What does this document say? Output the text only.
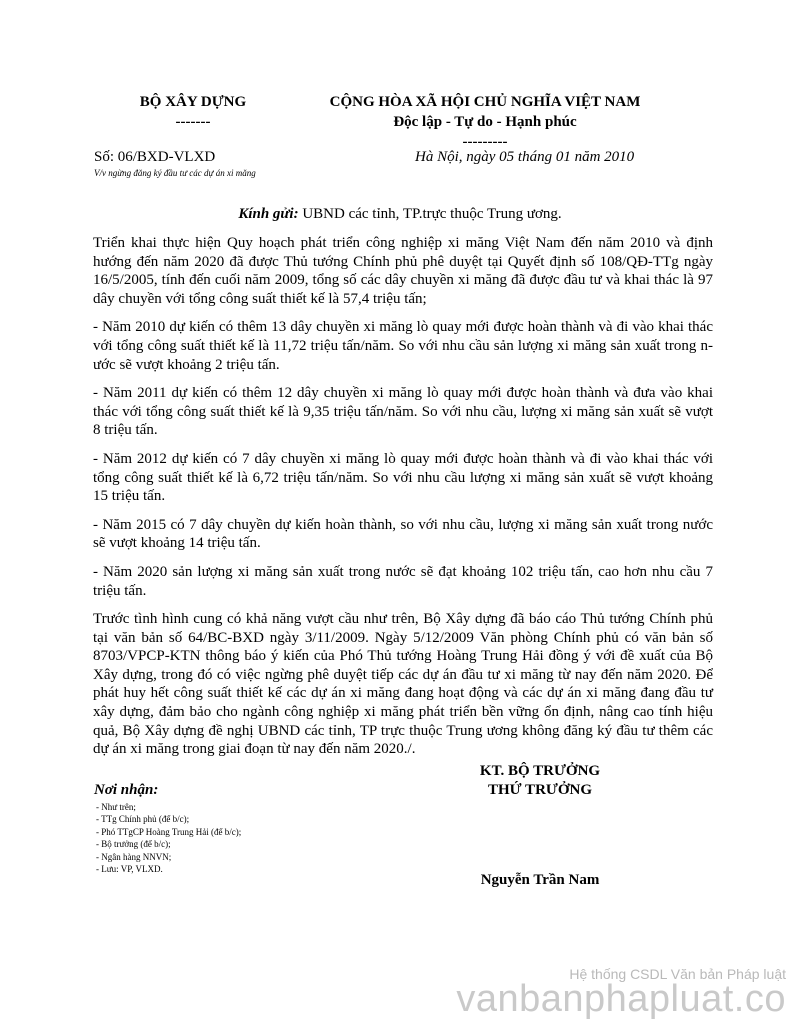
BỘ XÂY DỰNG
-------
CỘNG HÒA XÃ HỘI CHỦ NGHĨA VIỆT NAM
Độc lập - Tự do - Hạnh phúc
---------
Số: 06/BXD-VLXD
V/v ngừng đăng ký đầu tư các dự án xi măng
Hà Nội, ngày 05 tháng 01 năm 2010
Kính gửi: UBND các tỉnh, TP.trực thuộc Trung ương.

Triển khai thực hiện Quy hoạch phát triển công nghiệp xi măng Việt Nam đến năm 2010 và định hướng đến năm 2020 đã được Thủ tướng Chính phủ phê duyệt tại Quyết định số 108/QĐ-TTg ngày 16/5/2005, tính đến cuối năm 2009, tổng số các dây chuyền xi măng đã được đầu tư và khai thác là 97 dây chuyền với tổng công suất thiết kế là 57,4 triệu tấn;

- Năm 2010 dự kiến có thêm 13 dây chuyền xi măng lò quay mới được hoàn thành và đi vào khai thác với tổng công suất thiết kế là 11,72 triệu tấn/năm. So với nhu cầu sản lượng xi măng sản xuất trong nước sẽ vượt khoảng 2 triệu tấn.

- Năm 2011 dự kiến có thêm 12 dây chuyền xi măng lò quay mới được hoàn thành và đưa vào khai thác với tổng công suất thiết kế là 9,35 triệu tấn/năm. So với nhu cầu, lượng xi măng sản xuất sẽ vượt 8 triệu tấn.

- Năm 2012 dự kiến có 7 dây chuyền xi măng lò quay mới được hoàn thành và đi vào khai thác với tổng công suất thiết kế là 6,72 triệu tấn/năm. So với nhu cầu lượng xi măng sản xuất sẽ vượt khoảng 15 triệu tấn.

- Năm 2015 có 7 dây chuyền dự kiến hoàn thành, so với nhu cầu, lượng xi măng sản xuất trong nước sẽ vượt khoảng 14 triệu tấn.

- Năm 2020 sản lượng xi măng sản xuất trong nước sẽ đạt khoảng 102 triệu tấn, cao hơn nhu cầu 7 triệu tấn.

Trước tình hình cung có khả năng vượt cầu như trên, Bộ Xây dựng đã báo cáo Thủ tướng Chính phủ tại văn bản số 64/BC-BXD ngày 3/11/2009. Ngày 5/12/2009 Văn phòng Chính phủ có văn bản số 8703/VPCP-KTN thông báo ý kiến của Phó Thủ tướng Hoàng Trung Hải đồng ý với đề xuất của Bộ Xây dựng, trong đó có việc ngừng phê duyệt tiếp các dự án đầu tư xi măng từ nay đến năm 2020. Để phát huy hết công suất thiết kế các dự án xi măng đang hoạt động và các dự án xi măng đang đầu tư xây dựng, đảm bảo cho ngành công nghiệp xi măng phát triển bền vững ổn định, nâng cao tính hiệu quả, Bộ Xây dựng đề nghị UBND các tỉnh, TP trực thuộc Trung ương không đăng ký đầu tư thêm các dự án xi măng trong giai đoạn từ nay đến năm 2020./.

KT. BỘ TRƯỞNG
THỨ TRƯỞNG
Nguyễn Trần Nam
Nơi nhận:
- Như trên;
- TTg Chính phủ (để b/c);
- Phó TTgCP Hoàng Trung Hải (để b/c);
- Bộ trưởng (để b/c);
- Ngân hàng NNVN;
- Lưu: VP, VLXD.
Hệ thống CSDL Văn bản Pháp luật
vanbanphapluat.co
